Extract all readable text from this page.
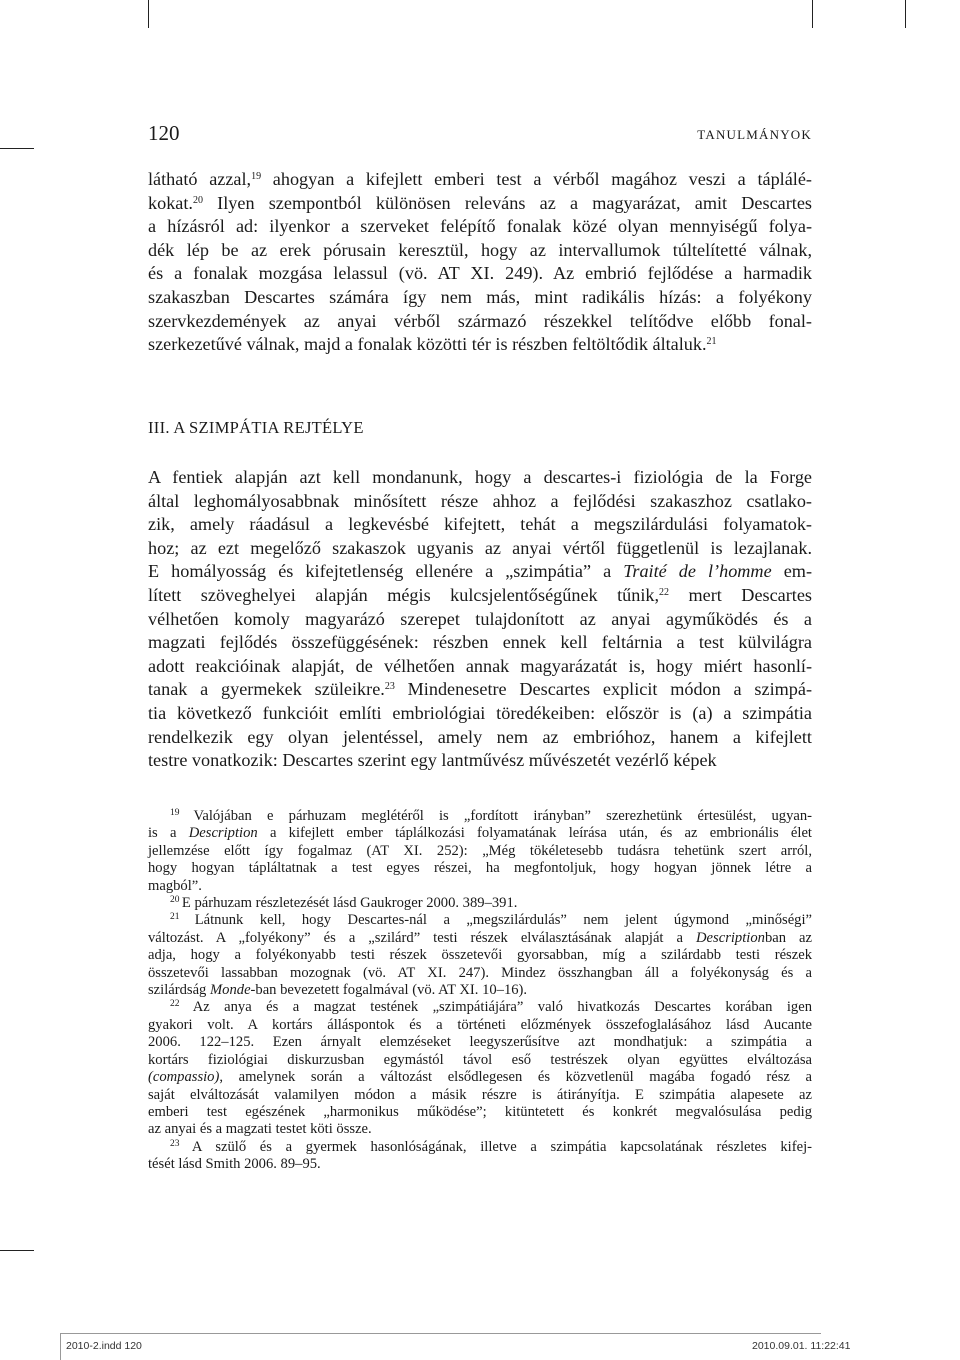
120	TANULMÁNYOK
látható azzal,$^{19}$ ahogyan a kifejlett emberi test a vérből magához veszi a táplálé-
kokat.$^{20}$ Ilyen szempontból különösen releváns az a magyarázat, amit Descartes
a hízásról ad: ilyenkor a szerveket felépítő fonalak közé olyan mennyiségű folya-
dék lép be az erek pórusain keresztül, hogy az intervallumok túltelítetté válnak,
és a fonalak mozgása lelassul (vö. AT XI. 249). Az embrió fejlődése a harmadik
szakaszban Descartes számára így nem más, mint radikális hízás: a folyékony
szervkezdemények az anyai vérből származó részekkel telítődve előbb fonal-
szerkezetűvé válnak, majd a fonalak közötti tér is részben feltöltődik általuk.$^{21}$
III. A SZIMPÁTIA REJTÉLYE
A fentiek alapján azt kell mondanunk, hogy a descartes-i fiziológia de la Forge
által leghomályosabbnak minősített része ahhoz a fejlődési szakaszhoz csatlako-
zik, amely ráadásul a legkevésbé kifejtett, tehát a megszilárdulási folyamatok-
hoz; az ezt megelőző szakaszok ugyanis az anyai vértől függetlenül is lezajlanak.
E homályosság és kifejtetlenség ellenére a „szimpátia” a Traité de l’homme em-
lített szöveghelyei alapján mégis kulcsjelentőségűnek tűnik,$^{22}$ mert Descartes
vélhetően komoly magyarázó szerepet tulajdonított az anyai agyműködés és a
magzati fejlődés összefüggésének: részben ennek kell feltárnia a test külvilágra
adott reakcióinak alapját, de vélhetően annak magyarázatát is, hogy miért hasonlí-
tanak a gyermekek szüleikre.$^{23}$ Mindenesetre Descartes explicit módon a szimpá-
tia következő funkcióit említi embriológiai töredékeiben: először is (a) a szimpátia
rendelkezik egy olyan jelentéssel, amely nem az embrióhoz, hanem a kifejlett
testre vonatkozik: Descartes szerint egy lantművész művészetét vezérlő képek
$^{19}$ Valójában e párhuzam meglétéről is „fordított irányban” szerezhetünk értesülést, ugyan-
is a Description a kifejlett ember táplálkozási folyamatának leírása után, és az embrionális élet
jellemzése előtt így fogalmaz (AT XI. 252): „Még tökéletesebb tudásra tehetünk szert arról,
hogy hogyan tápláltatnak a test egyes részei, ha megfontoljuk, hogy hogyan jönnek létre a
magból”.
$^{20}$ E párhuzam részletezését lásd Gaukroger 2000. 389–391.
$^{21}$ Látnunk kell, hogy Descartes-nál a „megszilárdulás” nem jelent úgymond „minőségi”
változást. A „folyékony” és a „szilárd” testi részek elválasztásának alapját a Descriptionban az
adja, hogy a folyékonyabb testi részek összetevői gyorsabban, míg a szilárdabb testi részek
összetevői lassabban mozognak (vö. AT XI. 247). Mindez összhangban áll a folyékonyság és a
szilárdság Monde-ban bevezetett fogalmával (vö. AT XI. 10–16).
$^{22}$ Az anya és a magzat testének „szimpátiájára” való hivatkozás Descartes korában igen
gyakori volt. A kortárs álláspontok és a történeti előzmények összefoglalásához lásd Aucante
2006. 122–125. Ezen árnyalt elemzéseket leegyszerűsítve azt mondhatjuk: a szimpátia a
kortárs fiziológiai diskurzusban egymástól távol eső testrészek olyan együttes elváltozása
(compassio), amelynek során a változást elsődlegesen és közvetlenül magába fogadó rész a
saját elváltozását valamilyen módon a másik részre is átirányítja. E szimpátia alapesete az
emberi test egészének „harmonikus működése”; kitüntetett és konkrét megvalósulása pedig
az anyai és a magzati testet köti össze.
$^{23}$ A szülő és a gyermek hasonlóságának, illetve a szimpátia kapcsolatának részletes kifej-
tését lásd Smith 2006. 89–95.
2010-2.indd 120	2010.09.01. 11:22:41
